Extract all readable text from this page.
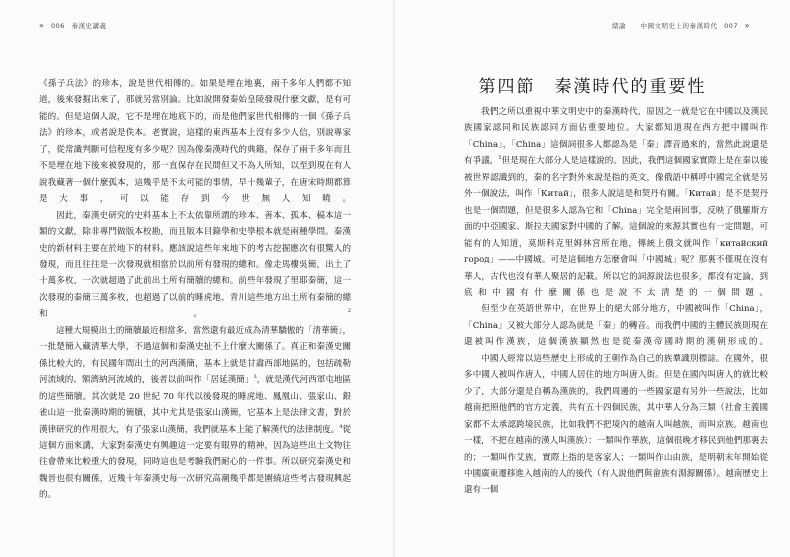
» 006 秦漢史講義

《孫子兵法》的珍本，說是世代相傳的。如果是埋在地裏，兩千多年人們都不知道，後來發掘出來了，那就另當別論。比如說開發秦始皇陵發現什麼文獻，是有可能的。但是這個人說，它不是埋在地底下的，而是他們家世代相傳的一個《孫子兵法》的珍本，或者說是佚本。老實說，這樣的東西基本上沒有多少人信，別說專家了，從常識判斷可信程度有多少呢？因為像秦漢時代的典籍，保存了兩千多年而且不是埋在地下後來被發現的，那一直保存在民間但又不為人所知，以至到現在有人說我藏著一個什麼孤本，這幾乎是不太可能的事情，早十幾輩子，在唐宋時期都算是大事，可以能存到今世無人知曉。

因此，秦漢史研究的史料基本上不太依靠所謂的珍本、善本、孤本、稿本這一類的文獻，除非專門做版本校勘，而且版本目錄學和史學根本就是兩種學問。秦漢史的新材料主要在於地下的材料。應該說這些年來地下的考古挖掘應次有很驚人的發現，而且往往是一次發現就相當於以前所有發現的總和。像走馬樓吳簡，出土了十萬多枚，一次就超過了此前出土所有簡牘的總和。前些年發現了里耶秦簡，這一次發現的秦簡三萬多枚，也超過了以前的睡虎地、青川這些地方出土所有秦簡的總和。$^2$

這種大規模出土的簡牘最近相當多，當然還有最近成為清華驕傲的「清華簡」，一批楚簡入藏清華大學，不過這個和秦漢史扯不上什麼大關係了。真正和秦漢史關係比較大的，有民國年間出土的河西漢簡，基本上就是甘肅西部地區的，包括疏勒河流域的、額濟納河流域的，後者以前叫作「居延漢簡」$^3$，就是漢代河西軍屯地區的這些簡牘。其次就是 20 世紀 70 年代以後發現的睡虎地、鳳凰山、張家山、銀雀山這一批秦漢時期的簡牘，其中尤其是張家山漢簡，它基本上是法律文書，對於漢律研究的作用很大，有了張家山漢簡，我們就基本上能了解漢代的法律制度。$^4$從這個方面來講，大家對秦漢史有興趣這一定要有眼界的精神，因為這些出土文物往往會帶來比較重大的發現，同時這也是考驗我們耐心的一件事。所以研究秦漢史和魏晉也很有關係，近幾十年秦漢史每一次研究高潮幾乎都是圍繞這些考古發現興起的。

緒論 中國文明史上的秦漢時代 007 »
第四節　秦漢時代的重要性

我們之所以重視中華文明史中的秦漢時代，原因之一就是它在中國以及漢民族國家認同和民族認同方面佔重要地位。大家都知道現在西方把中國叫作「China」，「China」這個詞很多人都認為是「秦」譯音過來的，當然此說還是有爭議，$^5$但是現在大部分人是這樣說的。因此，我們這個國家實際上是在秦以後被世界認識到的，秦的名字對外來說是指的英文，像俄語中稱呼中國完全就是另外一個說法，叫作「Китай」，很多人說這是和契丹有關。「Китай」是不是契丹也是一個問題，但是很多人認為它和「China」完全是兩回事，反映了俄羅斯方面的中亞國家、斯拉夫國家對中國的了解。這個說的來源其實也有一定問題，可能有的人知道，莫斯科克里姆林宮所在地，傳統上俄文就叫作「китайский город」——中國城。可是這個地方怎麼會叫「中國城」呢？那裏不僅現在沒有華人，古代也沒有華人聚居的記載。所以它的詞源說法也很多，都沒有定論，到底和中國有什麼關係也是說不太清楚的一個問題。

但至少在英語世界中，在世界上的絕大部分地方，中國被叫作「China」，「China」又被大部分人認為就是「秦」的轉音。而我們中國的主體民族則現在還被叫作漢族，這個漢族顯然也是從秦漢帝國時期的漢朝形成的。

中國人經常以這些歷史上形成的王朝作為自己的族羣識別標誌。在國外，很多中國人被叫作唐人，中國人居住的地方叫唐人街。但是在國內叫唐人的就比較少了，大部分還是自稱為漢族的。我們周邊的一些國家還有另外一些說法，比如越南把照他們的官方定義，共有五十四個民族，其中華人分為三類（社會主義國家都不太承認跨境民族，比如我們不把境內的越南人叫越族，而叫京族。越南也一樣，不把在越南的漢人叫漢族）：一類叫作華族，這個很晚才移民到他們那裏去的；一類叫作艾族，實際上指的是客家人；一類叫作山由族，是明朝末年開始從中國廣東遷移進入越南的人的後代（有人說他們與畲族有淵源關係）。越南歷史上還有一個
